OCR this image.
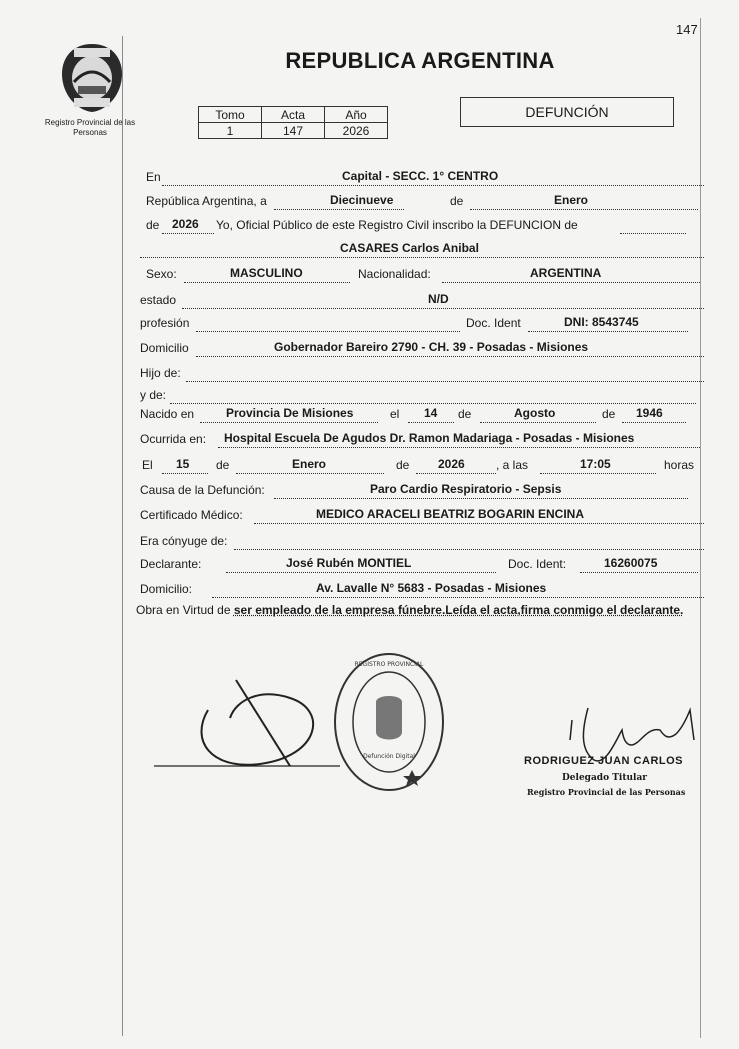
147
Registro Provincial de las Personas
REPUBLICA ARGENTINA
Tomo	Acta	Año
1	147	2026
DEFUNCIÓN
En	Capital - SECC. 1° CENTRO
República Argentina, a	Diecinueve	de	Enero
de 2026 Yo, Oficial Público de este Registro Civil inscribo la DEFUNCION de
CASARES Carlos Anibal
Sexo:	MASCULINO	Nacionalidad:	ARGENTINA
estado	N/D
profesión	Doc. Ident	DNI: 8543745
Domicilio	Gobernador Bareiro 2790 - CH. 39 - Posadas - Misiones
Hijo de:
y de:
Nacido en	Provincia De Misiones	el 14 de	Agosto	de 1946
Ocurrida en: Hospital Escuela De Agudos Dr. Ramon Madariaga - Posadas - Misiones
El 15 de	Enero	de 2026	, a las	17:05	horas
Causa de la Defunción:	Paro Cardio Respiratorio - Sepsis
Certificado Médico:	MEDICO ARACELI BEATRIZ BOGARIN ENCINA
Era cónyuge de:
Declarante:	José Rubén MONTIEL	Doc. Ident:	16260075
Domicilio:	Av. Lavalle N° 5683 - Posadas - Misiones
Obra en Virtud de ser empleado de la empresa fúnebre.Leída el acta,firma conmigo el declarante.
REGISTRO PROVINCIAL
Defunción Digital	RODRIGUEZ JUAN CARLOS
Delegado Titular
Registro Provincial de las Personas
